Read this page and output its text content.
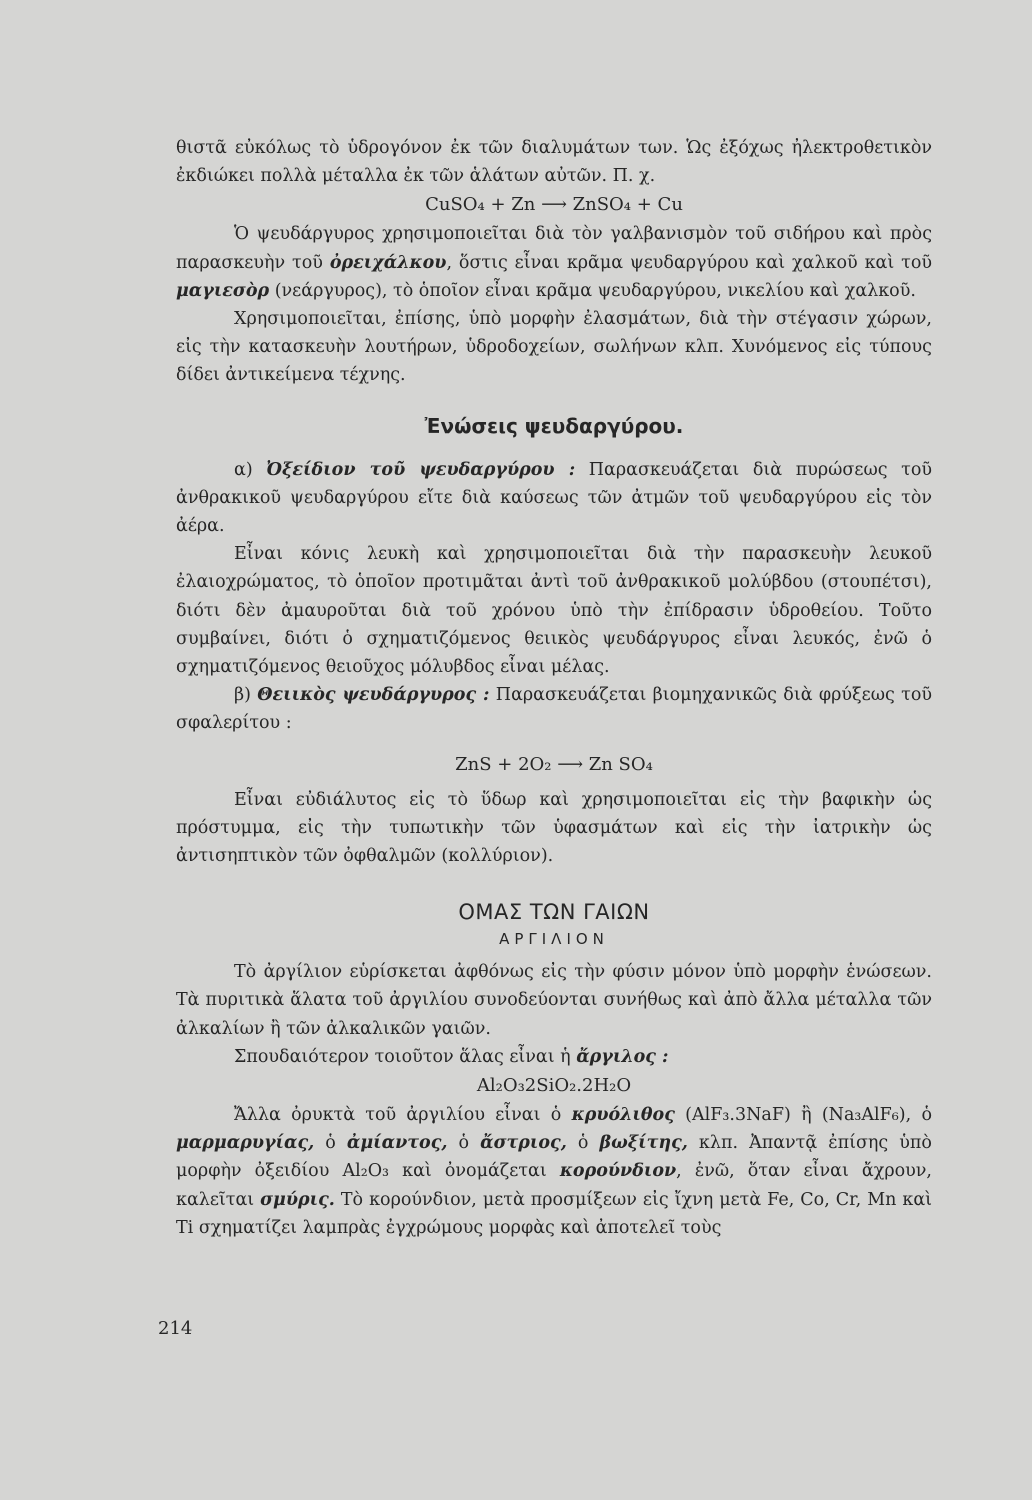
θιστᾶ εὐκόλως τὸ ὑδρογόνον ἐκ τῶν διαλυμάτων των. Ὡς ἐξόχως ἠλεκτροθετικὸν ἐκδιώκει πολλὰ μέταλλα ἐκ τῶν ἁλάτων αὐτῶν. Π. χ.

CuSO₄ + Zn ⟶ ZnSO₄ + Cu

Ὁ ψευδάργυρος χρησιμοποιεῖται διὰ τὸν γαλβανισμὸν τοῦ σιδήρου καὶ πρὸς παρασκευὴν τοῦ ὀρειχάλκου, ὅστις εἶναι κρᾶμα ψευδαργύρου καὶ χαλκοῦ καὶ τοῦ μαγιεσὸρ (νεάργυρος), τὸ ὁποῖον εἶναι κρᾶμα ψευδαργύρου, νικελίου καὶ χαλκοῦ.

Χρησιμοποιεῖται, ἐπίσης, ὑπὸ μορφὴν ἐλασμάτων, διὰ τὴν στέγασιν χώρων, εἰς τὴν κατασκευὴν λουτήρων, ὑδροδοχείων, σωλήνων κλπ. Χυνόμενος εἰς τύπους δίδει ἀντικείμενα τέχνης.

Ἐνώσεις ψευδαργύρου.

α) Ὀξείδιον τοῦ ψευδαργύρου : Παρασκευάζεται διὰ πυρώσεως τοῦ ἀνθρακικοῦ ψευδαργύρου εἴτε διὰ καύσεως τῶν ἀτμῶν τοῦ ψευδαργύρου εἰς τὸν ἀέρα.

Εἶναι κόνις λευκὴ καὶ χρησιμοποιεῖται διὰ τὴν παρασκευὴν λευκοῦ ἐλαιοχρώματος, τὸ ὁποῖον προτιμᾶται ἀντὶ τοῦ ἀνθρακικοῦ μολύβδου (στουπέτσι), διότι δὲν ἀμαυροῦται διὰ τοῦ χρόνου ὑπὸ τὴν ἐπίδρασιν ὑδροθείου. Τοῦτο συμβαίνει, διότι ὁ σχηματιζόμενος θειικὸς ψευδάργυρος εἶναι λευκός, ἐνῶ ὁ σχηματιζόμενος θειοῦχος μόλυβδος εἶναι μέλας.

β) Θειικὸς ψευδάργυρος : Παρασκευάζεται βιομηχανικῶς διὰ φρύξεως τοῦ σφαλερίτου :

ZnS + 2O₂ ⟶ Zn SO₄

Εἶναι εὐδιάλυτος εἰς τὸ ὕδωρ καὶ χρησιμοποιεῖται εἰς τὴν βαφικὴν ὡς πρόστυμμα, εἰς τὴν τυπωτικὴν τῶν ὑφασμάτων καὶ εἰς τὴν ἰατρικὴν ὡς ἀντισηπτικὸν τῶν ὀφθαλμῶν (κολλύριον).

ΟΜΑΣ ΤΩΝ ΓΑΙΩΝ
ΑΡΓΙΛΙΟΝ

Τὸ ἀργίλιον εὑρίσκεται ἀφθόνως εἰς τὴν φύσιν μόνον ὑπὸ μορφὴν ἑνώσεων. Τὰ πυριτικὰ ἅλατα τοῦ ἀργιλίου συνοδεύονται συνήθως καὶ ἀπὸ ἄλλα μέταλλα τῶν ἀλκαλίων ἢ τῶν ἀλκαλικῶν γαιῶν.

Σπουδαιότερον τοιοῦτον ἅλας εἶναι ἡ ἄργιλος :

Al₂O₃2SiO₂.2H₂O

Ἄλλα ὀρυκτὰ τοῦ ἀργιλίου εἶναι ὁ κρυόλιθος (AlF₃.3NaF) ἢ (Na₃AlF₆), ὁ μαρμαρυγίας, ὁ ἀμίαντος, ὁ ἄστριος, ὁ βωξίτης, κλπ. Ἀπαντᾷ ἐπίσης ὑπὸ μορφὴν ὀξειδίου Al₂O₃ καὶ ὀνομάζεται κορούνδιον, ἐνῶ, ὅταν εἶναι ἄχρουν, καλεῖται σμύρις. Τὸ κορούνδιον, μετὰ προσμίξεων εἰς ἴχνη μετὰ Fe, Co, Cr, Mn καὶ Ti σχηματίζει λαμπρὰς ἐγχρώμους μορφὰς καὶ ἀποτελεῖ τοὺς

214
